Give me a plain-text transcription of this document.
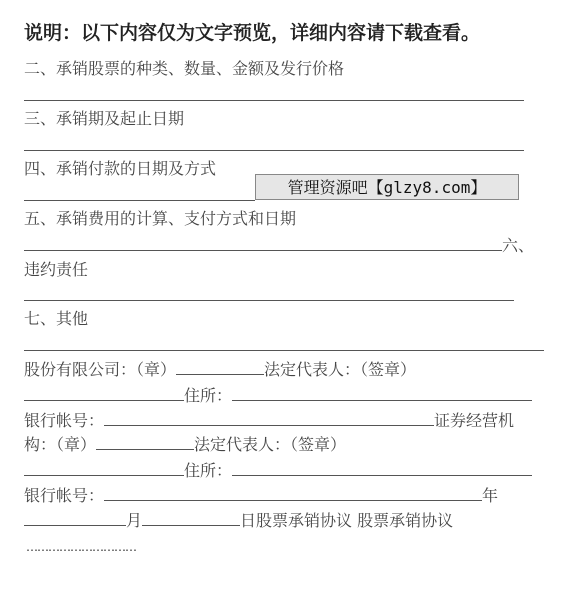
说明：以下内容仅为文字预览，详细内容请下载查看。
二、承销股票的种类、数量、金额及发行价格
三、承销期及起止日期
四、承销付款的日期及方式
管理资源吧【glzy8.com】
五、承销费用的计算、支付方式和日期
六、
违约责任
七、其他
股份有限公司：（章）	法定代表人：（签章）
住所：
银行帐号：	证券经营机
构：（章）	法定代表人：（签章）
住所：
银行帐号：	年
月	日股票承销协议 股票承销协议
…………………………
